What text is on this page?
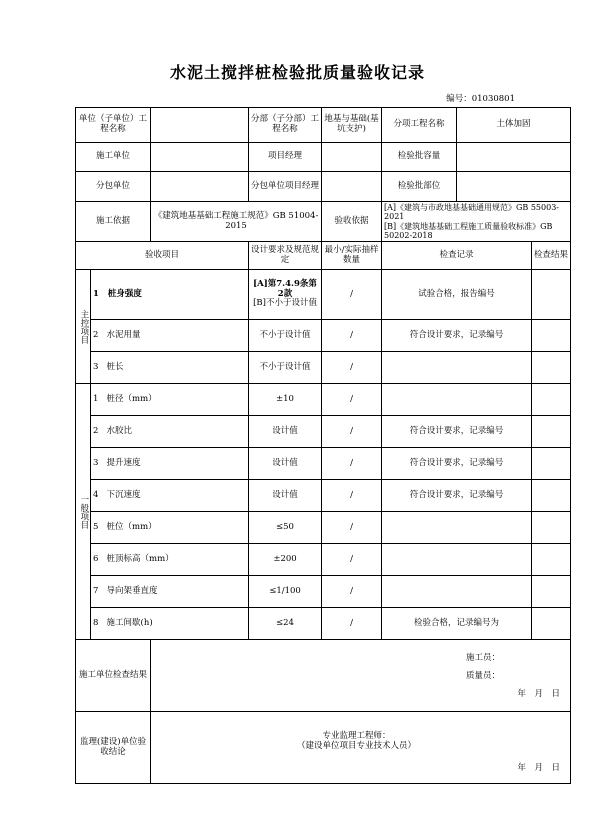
水泥土搅拌桩检验批质量验收记录
编号：01030801
单位（子单位）工程名称			分部（子分部）工程名称	地基与基础(基坑支护)	分项工程名称	土体加固	
施工单位			项目经理		检验批容量		
分包单位			分包单位项目经理		检验批部位		
施工依据		《建筑地基基础工程施工规范》GB 51004-2015		验收依据	[A]《建筑与市政地基基础通用规范》GB 55003-2021
[B]《建筑地基基础工程施工质量验收标准》GB 50202-2018		

验收项目			设计要求及规范规定	最小/实际抽样数量	检查记录		检查结果
主控项目	1 桩身强度		[A]第7.4.9条第2款
[B]不小于设计值	/	试验合格，报告编号		
	2 水泥用量		不小于设计值	/	符合设计要求，记录编号		
	3 桩长		不小于设计值	/			
一般项目	1 桩径（mm）		±10	/			
	2 水胶比		设计值	/	符合设计要求，记录编号		
	3 提升速度		设计值	/	符合设计要求，记录编号		
	4 下沉速度		设计值	/	符合设计要求，记录编号		
	5 桩位（mm）		≤50	/			
	6 桩顶标高（mm）		±200	/			
	7 导向架垂直度		≤1/100	/			
	8 施工间歇(h)		≤24	/	检验合格，记录编号为		
施工单位检查结果		施工员：
质量员：
年　月　日					

监理(建设)单位验收结论		专业监理工程师：
（建设单位项目专业技术人员）
年　月　日					
